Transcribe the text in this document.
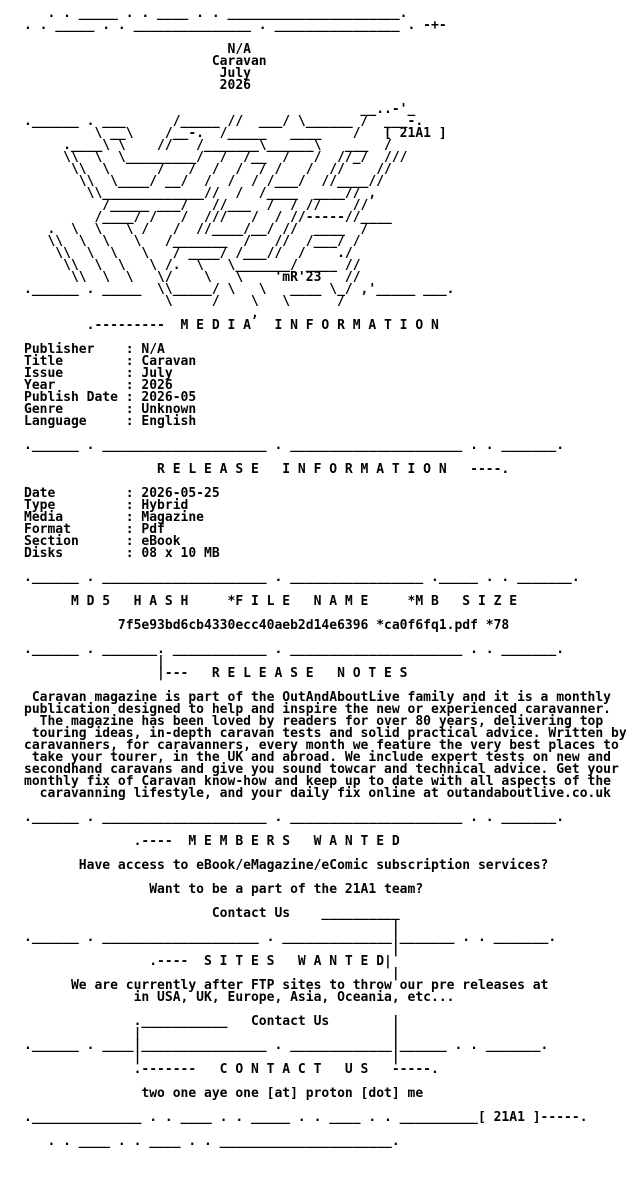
. . _____ . . ____ . . ______________________.
. . _____ . . _______________ . ________________ . -+-
N/A
Caravan
July
2026
__..-'_
.______ . ___      /_____ //  ___/ \______ /  ___-.
\ __\    /__-.  /_____   ____    /   [ 21A1 ]
.____\ \    //   /_______\______\   ___  /
\\  \  \_________/  /  /__  /   /  //_/  ///
\\  \      /   /  /  /  / /   /  //    //
\\  \____/ __/  /  /  / /___/  //____//
\\_____________//  /  /____  ____// ,
/_____ ___/   //___  /  / //    //
/____/ /   /  ///   /  / //-----//____
.  \  \   \ /   /  //____/__/ //  ____  /
\\  \  \   \   /_______  /   //  /___/ /
\\  \  \   \   / ____/ /___//  /    ./
\\  \  \   \ /.  \   \_______/ ____ //
\\  \  \   \/    \   \    'mR'23   //
.______ . _____  \\_____/ \   \   ____ \_/ ,'_____ ___.
\     /    \   \      /
,
.---------  M E D I A   I N F O R M A T I O N
Publisher    : N/A
Title        : Caravan
Issue        : July
Year         : 2026
Publish Date : 2026-05
Genre        : Unknown
Language     : English
.______ . _____________________ . ______________________ . . _______.
R E L E A S E   I N F O R M A T I O N   ----.
Date         : 2026-05-25
Type         : Hybrid
Media        : Magazine
Format       : Pdf
Section      : eBook
Disks        : 08 x 10 MB
.______ . _____________________ . _________________ ._____ . . _______.
M D 5   H A S H     *F I L E   N A M E     *M B   S I Z E
7f5e93bd6cb4330ecc40aeb2d14e6396 *ca0f6fq1.pdf *78
.______ . _______. ____________ . ______________________ . . _______.
|
|---   R E L E A S E   N O T E S
Caravan magazine is part of the OutAndAboutLive family and it is a monthly
publication designed to help and inspire the new or experienced caravanner.
The magazine has been loved by readers for over 80 years, delivering top
touring ideas, in-depth caravan tests and solid practical advice. Written by
caravanners, for caravanners, every month we feature the very best places to
take your tourer, in the UK and abroad. We include expert tests on new and
secondhand caravans and give you sound towcar and technical advice. Get your
monthly fix of Caravan know-how and keep up to date with all aspects of the
caravanning lifestyle, and your daily fix online at outandaboutlive.co.uk
.______ . _____________________ . ______________________ . . _______.
.----  M E M B E R S   W A N T E D
Have access to eBook/eMagazine/eComic subscription services?
Want to be a part of the 21A1 team?
Contact Us    __________
|
.______ . ____________________ . ______________|_______ . . _______.
|
.----  S I T E S   W A N T E D|
|
We are currently after FTP sites to throw our pre releases at
in USA, UK, Europe, Asia, Oceania, etc...
.___________   Contact Us        |
|                                |
.______ . ____|________________ . _____________|______ . . _______.
|                                |
.-------   C O N T A C T   U S   -----.
two one aye one [at] proton [dot] me
.______________ . . ____ . . _____ . . ____ . . __________[ 21A1 ]-----.
. . ____ . . ____ . . ______________________.
